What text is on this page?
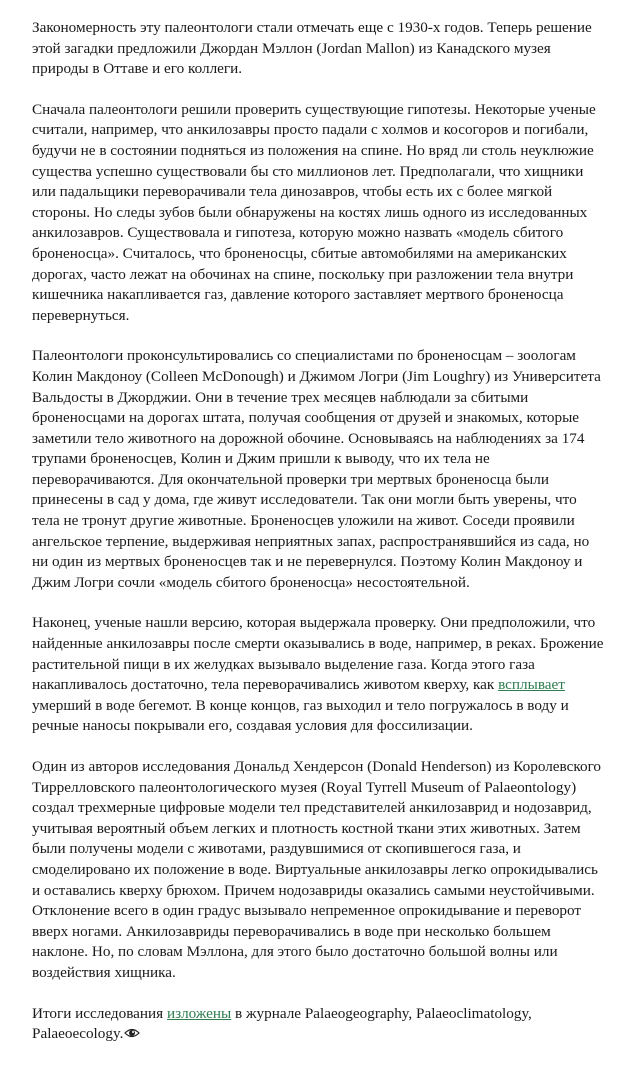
Закономерность эту палеонтологи стали отмечать еще с 1930-х годов. Теперь решение этой загадки предложили Джордан Мэллон (Jordan Mallon) из Канадского музея природы в Оттаве и его коллеги.

Сначала палеонтологи решили проверить существующие гипотезы. Некоторые ученые считали, например, что анкилозавры просто падали с холмов и косогоров и погибали, будучи не в состоянии подняться из положения на спине. Но вряд ли столь неуклюжие существа успешно существовали бы сто миллионов лет. Предполагали, что хищники или падальщики переворачивали тела динозавров, чтобы есть их с более мягкой стороны. Но следы зубов были обнаружены на костях лишь одного из исследованных анкилозавров. Существовала и гипотеза, которую можно назвать «модель сбитого броненосца». Считалось, что броненосцы, сбитые автомобилями на американских дорогах, часто лежат на обочинах на спине, поскольку при разложении тела внутри кишечника накапливается газ, давление которого заставляет мертвого броненосца перевернуться.

Палеонтологи проконсультировались со специалистами по броненосцам – зоологам Колин Макдоноу (Colleen McDonough) и Джимом Логри (Jim Loughry) из Университета Вальдосты в Джорджии. Они в течение трех месяцев наблюдали за сбитыми броненосцами на дорогах штата, получая сообщения от друзей и знакомых, которые заметили тело животного на дорожной обочине. Основываясь на наблюдениях за 174 трупами броненосцев, Колин и Джим пришли к выводу, что их тела не переворачиваются. Для окончательной проверки три мертвых броненосца были принесены в сад у дома, где живут исследователи. Так они могли быть уверены, что тела не тронут другие животные. Броненосцев уложили на живот. Соседи проявили ангельское терпение, выдерживая неприятных запах, распространявшийся из сада, но ни один из мертвых броненосцев так и не перевернулся. Поэтому Колин Макдоноу и Джим Логри сочли «модель сбитого броненосца» несостоятельной.

Наконец, ученые нашли версию, которая выдержала проверку. Они предположили, что найденные анкилозавры после смерти оказывались в воде, например, в реках. Брожение растительной пищи в их желудках вызывало выделение газа. Когда этого газа накапливалось достаточно, тела переворачивались животом кверху, как всплывает умерший в воде бегемот. В конце концов, газ выходил и тело погружалось в воду и речные наносы покрывали его, создавая условия для фоссилизации.

Один из авторов исследования Дональд Хендерсон (Donald Henderson) из Королевского Тиррелловского палеонтологического музея (Royal Tyrrell Museum of Palaeontology) создал трехмерные цифровые модели тел представителей анкилозаврид и нодозаврид, учитывая вероятный объем легких и плотность костной ткани этих животных. Затем были получены модели с животами, раздувшимися от скопившегося газа, и смоделировано их положение в воде. Виртуальные анкилозавры легко опрокидывались и оставались кверху брюхом. Причем нодозавриды оказались самыми неустойчивыми. Отклонение всего в один градус вызывало непременное опрокидывание и переворот вверх ногами. Анкилозавриды переворачивались в воде при несколько большем наклоне. Но, по словам Мэллона, для этого было достаточно большой волны или воздействия хищника.

Итоги исследования изложены в журнале Palaeogeography, Palaeoclimatology, Palaeoecology.
